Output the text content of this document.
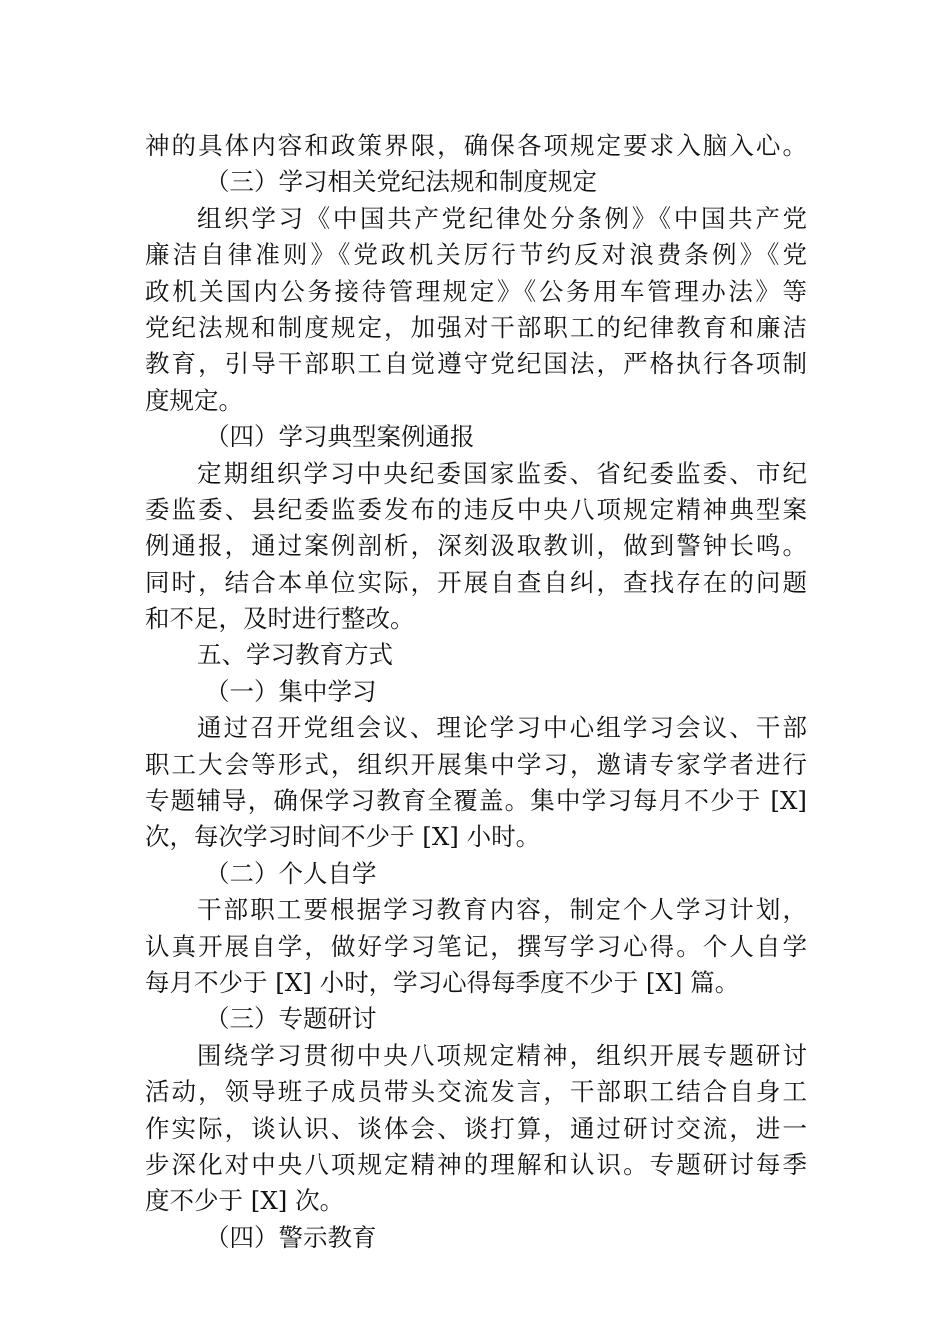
神的具体内容和政策界限，确保各项规定要求入脑入心。

（三）学习相关党纪法规和制度规定

组织学习《中国共产党纪律处分条例》《中国共产党

廉洁自律准则》《党政机关厉行节约反对浪费条例》《党

政机关国内公务接待管理规定》《公务用车管理办法》等

党纪法规和制度规定，加强对干部职工的纪律教育和廉洁

教育，引导干部职工自觉遵守党纪国法，严格执行各项制

度规定。

（四）学习典型案例通报

定期组织学习中央纪委国家监委、省纪委监委、市纪

委监委、县纪委监委发布的违反中央八项规定精神典型案

例通报，通过案例剖析，深刻汲取教训，做到警钟长鸣。

同时，结合本单位实际，开展自查自纠，查找存在的问题

和不足，及时进行整改。

五、学习教育方式

（一）集中学习

通过召开党组会议、理论学习中心组学习会议、干部

职工大会等形式，组织开展集中学习，邀请专家学者进行

专题辅导，确保学习教育全覆盖。集中学习每月不少于 [X]

次，每次学习时间不少于 [X] 小时。

（二）个人自学

干部职工要根据学习教育内容，制定个人学习计划，

认真开展自学，做好学习笔记，撰写学习心得。个人自学

每月不少于 [X] 小时，学习心得每季度不少于 [X] 篇。

（三）专题研讨

围绕学习贯彻中央八项规定精神，组织开展专题研讨

活动，领导班子成员带头交流发言，干部职工结合自身工

作实际，谈认识、谈体会、谈打算，通过研讨交流，进一

步深化对中央八项规定精神的理解和认识。专题研讨每季

度不少于 [X] 次。

（四）警示教育
